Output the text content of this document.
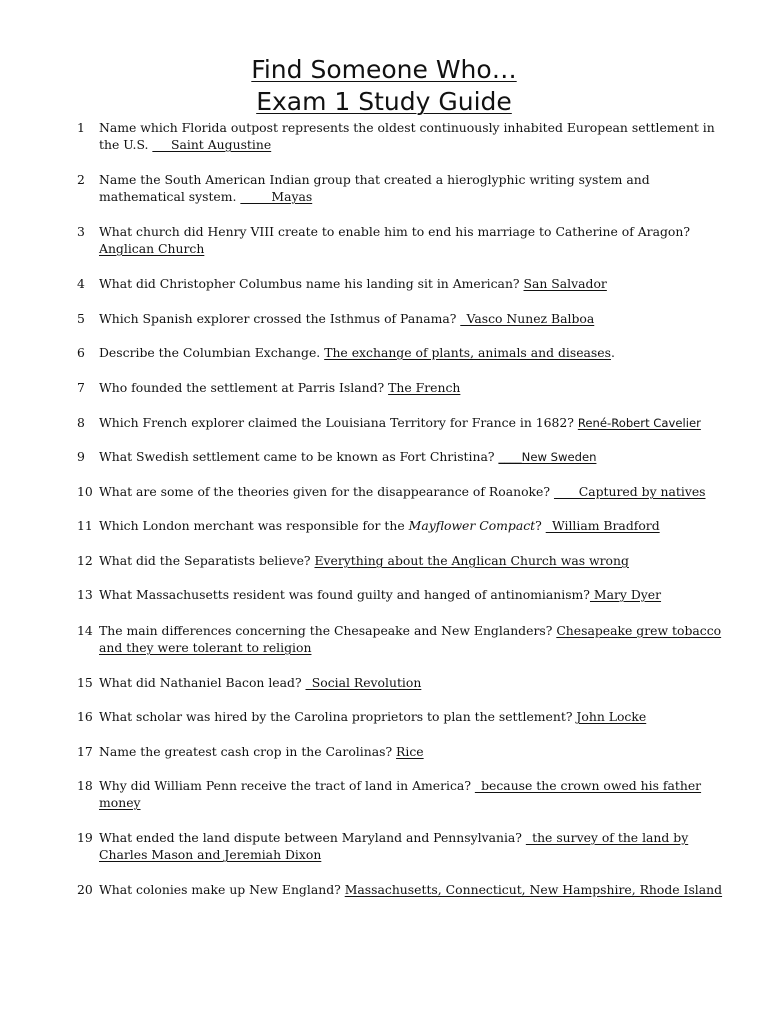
Find Someone Who…
Exam 1 Study Guide
1	Name which Florida outpost represents the oldest continuously inhabited European settlement in the U.S. ___Saint Augustine
2	Name the South American Indian group that created a hieroglyphic writing system and mathematical system. _____Mayas
3	What church did Henry VIII create to enable him to end his marriage to Catherine of Aragon? Anglican Church
4	What did Christopher Columbus name his landing sit in American? San Salvador
5	Which Spanish explorer crossed the Isthmus of Panama? _Vasco Nunez Balboa
6	Describe the Columbian Exchange. The exchange of plants, animals and diseases.
7	Who founded the settlement at Parris Island? The French
8	Which French explorer claimed the Louisiana Territory for France in 1682? René-Robert Cavelier
9	What Swedish settlement came to be known as Fort Christina? ____New Sweden
10 What are some of the theories given for the disappearance of Roanoke? ____Captured by natives
11 Which London merchant was responsible for the Mayflower Compact? _William Bradford
12 What did the Separatists believe? Everything about the Anglican Church was wrong
13 What Massachusetts resident was found guilty and hanged of antinomianism? Mary Dyer
14 The main differences concerning the Chesapeake and New Englanders? Chesapeake grew tobacco and they were tolerant to religion
15 What did Nathaniel Bacon lead? _Social Revolution
16 What scholar was hired by the Carolina proprietors to plan the settlement? John Locke
17 Name the greatest cash crop in the Carolinas? Rice
18 Why did William Penn receive the tract of land in America? _because the crown owed his father money
19 What ended the land dispute between Maryland and Pennsylvania? _the survey of the land by Charles Mason and Jeremiah Dixon
20 What colonies make up New England? Massachusetts, Connecticut, New Hampshire, Rhode Island
